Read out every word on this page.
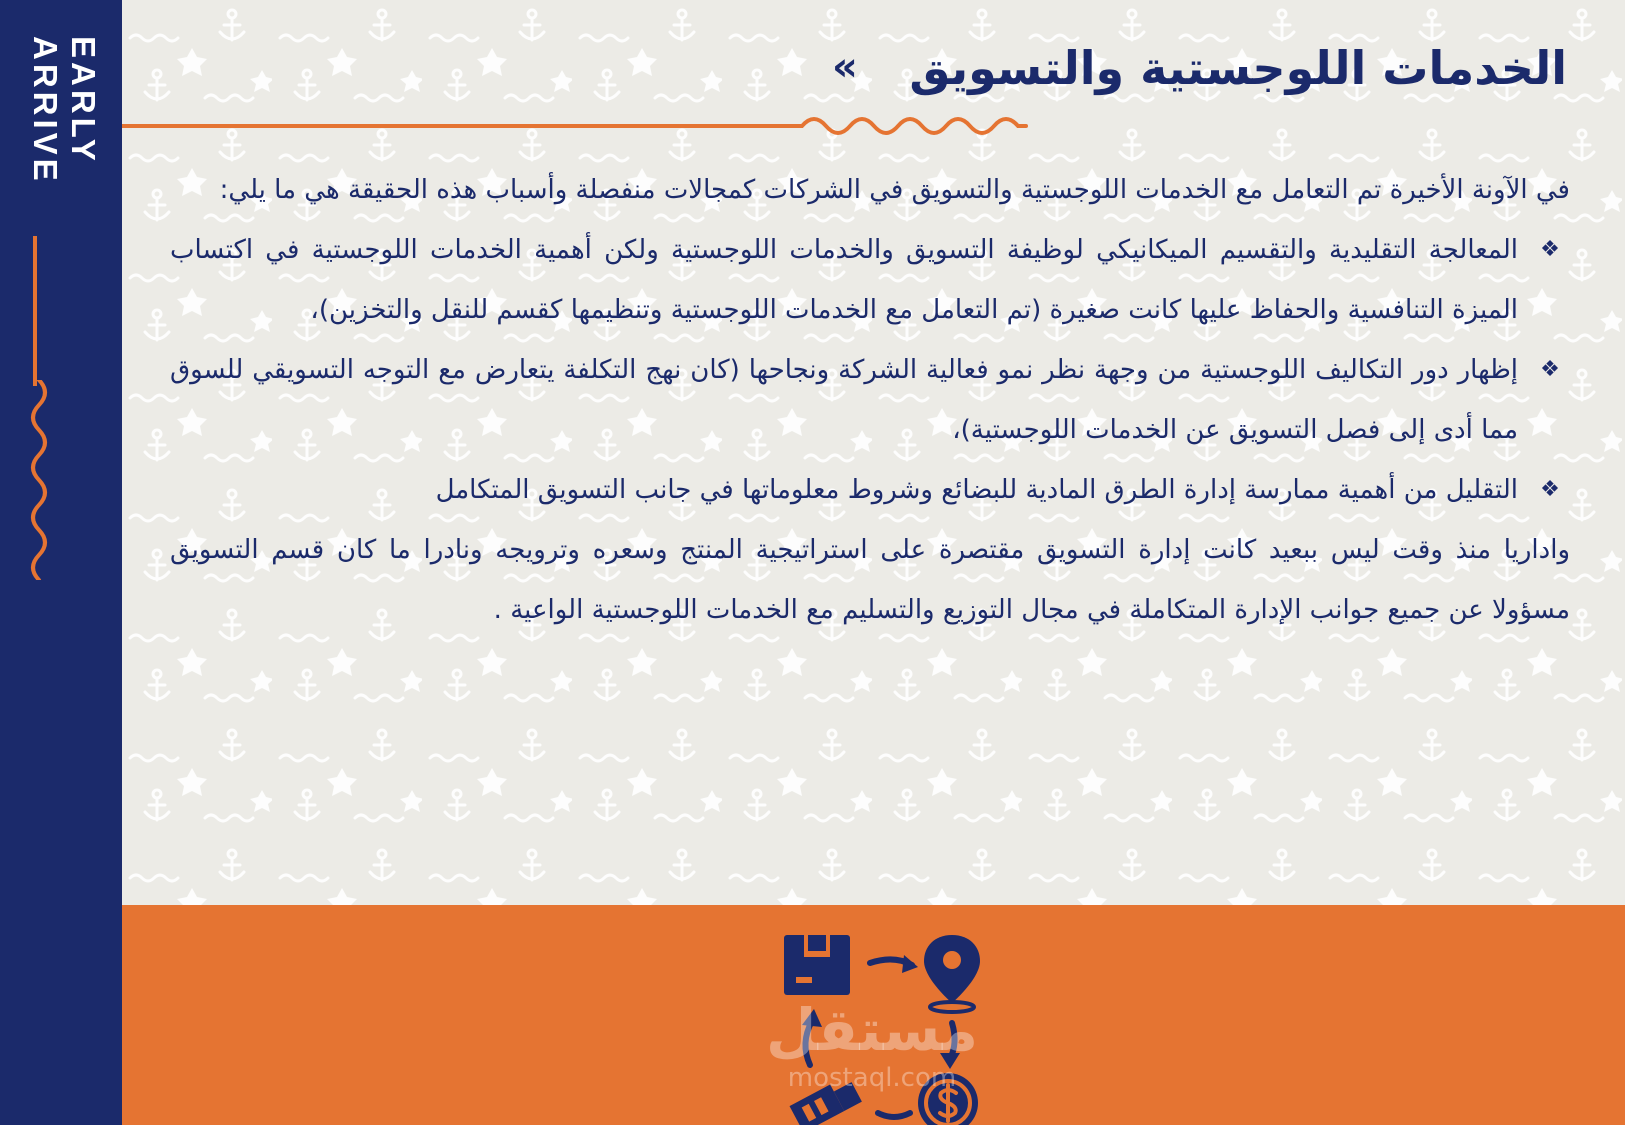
EARLY
ARRIVE	الخدمات اللوجستية والتسويق
«

في الآونة الأخيرة تم التعامل مع الخدمات اللوجستية والتسويق في الشركات كمجالات منفصلة وأسباب هذه الحقيقة هي ما يلي:

❖
المعالجة التقليدية والتقسيم الميكانيكي لوظيفة التسويق والخدمات اللوجستية ولكن أهمية الخدمات اللوجستية في اكتساب الميزة التنافسية والحفاظ عليها كانت صغيرة (تم التعامل مع الخدمات اللوجستية وتنظيمها كقسم للنقل والتخزين)،
❖
إظهار دور التكاليف اللوجستية من وجهة نظر نمو فعالية الشركة ونجاحها (كان نهج التكلفة يتعارض مع التوجه التسويقي للسوق مما أدى إلى فصل التسويق عن الخدمات اللوجستية)،
❖
التقليل من أهمية ممارسة إدارة الطرق المادية للبضائع وشروط معلوماتها في جانب التسويق المتكامل

واداريا منذ وقت ليس ببعيد كانت إدارة التسويق مقتصرة على استراتيجية المنتج وسعره وترويجه ونادرا ما كان قسم التسويق مسؤولا عن جميع جوانب الإدارة المتكاملة في مجال التوزيع والتسليم مع الخدمات اللوجستية الواعية .

مستقل
mostaql.com
